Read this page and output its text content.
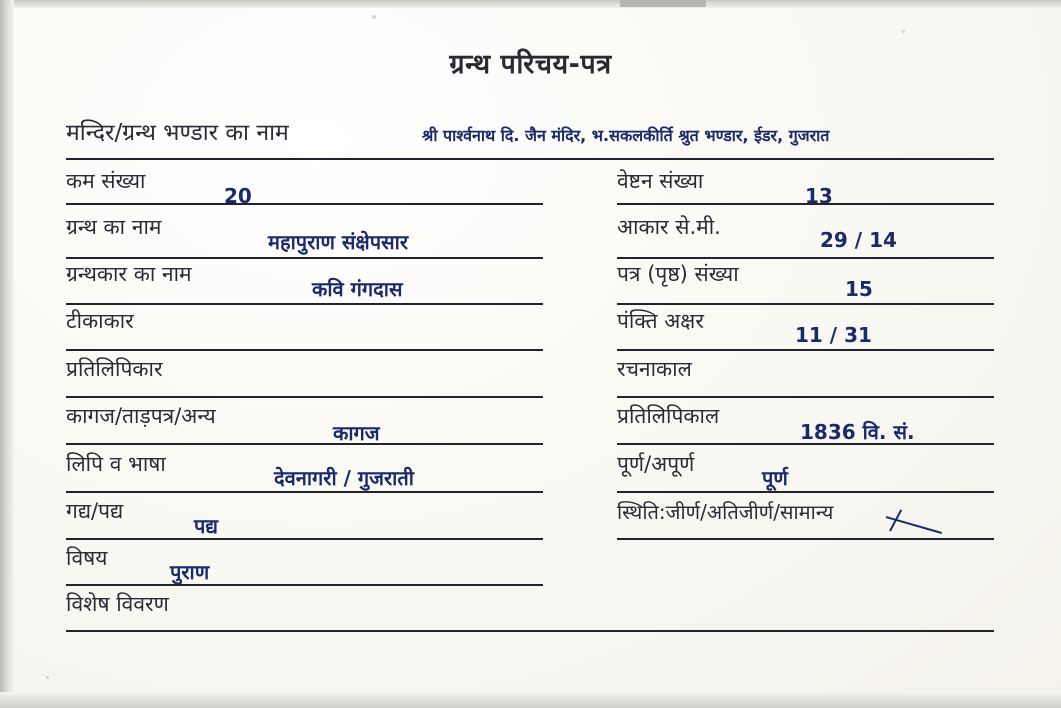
ग्रन्थ परिचय-पत्र
मन्दिर/ग्रन्थ भण्डार का नाम	श्री पार्श्वनाथ दि. जैन मंदिर, भ.सकलकीर्ति श्रुत भण्डार, ईडर, गुजरात
कम संख्या
20
ग्रन्थ का नाम
महापुराण संक्षेपसार
ग्रन्थकार का नाम
कवि गंगदास
टीकाकार
प्रतिलिपिकार
कागज/ताड़पत्र/अन्य
कागज
लिपि व भाषा
देवनागरी / गुजराती
गद्य/पद्य
पद्य
विषय
पुराण
विशेष विवरण
वेष्टन संख्या
13
आकार से.मी.
29 / 14
पत्र (पृष्ठ) संख्या
15
पंक्ति अक्षर
11 / 31
रचनाकाल
प्रतिलिपिकाल
1836 वि. सं.
पूर्ण/अपूर्ण
पूर्ण
स्थिति:जीर्ण/अतिजीर्ण/सामान्य
